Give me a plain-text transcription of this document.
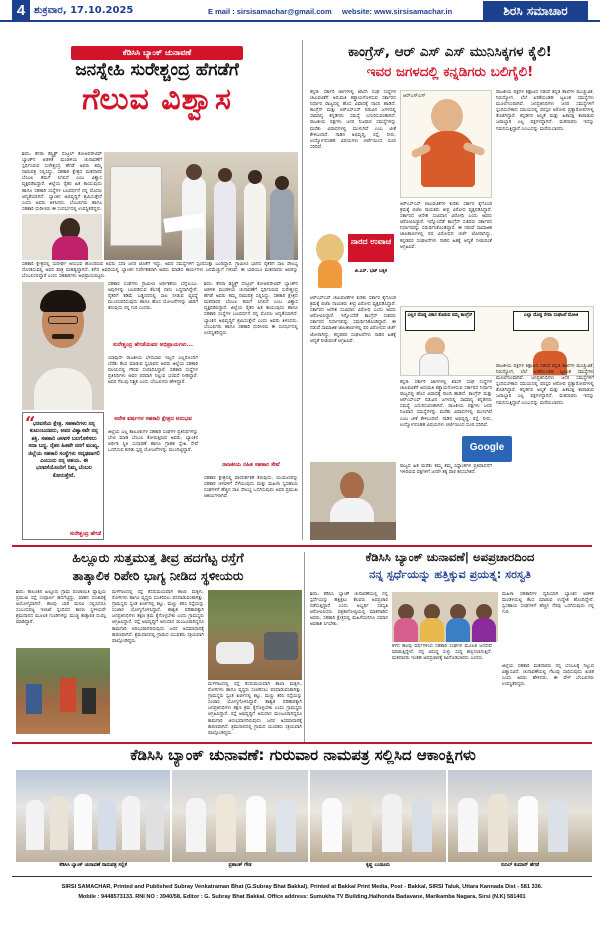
4 ಶುಕ್ರವಾರ, 17.10.2025	E mail : sirsisamachar@gmail.com website: www.sirsisamachar.in	ಶಿರಸಿ ಸಮಾಚಾರ
ಕೆಡಿಸಿಸಿ ಬ್ಯಾಂಕ್ ಚುನಾವಣೆ
ಜನಸ್ನೇಹಿ ಸುರೇಶ್ಚಂದ್ರ ಹೆಗಡೆಗೆ
ಗೆಲುವ ವಿಶ್ವಾಸ
ಶಿರಸಿ: ಕೆನರಾ ಡಿಸ್ಟ್ರಿಕ್ಟ್ ಸೆಂಟ್ರಲ್ ಕೋಆಪರೇಟಿವ್ ಬ್ಯಾಂಕ್‌ನ ಆಡಳಿತ ಮಂಡಳಿಯ ಚುನಾವಣೆಗೆ ಸ್ಪರ್ಧಿಸಿರುವ ಸುರೇಶ್ಚಂದ್ರ ಹೆಗಡೆ ಅವರು ತಮ್ಮ ನಾಮಪತ್ರ ಸಲ್ಲಿಸಿದ್ದು, ಸಹಕಾರಿ ಕ್ಷೇತ್ರದ ಮತದಾರರ ಬೆಂಬಲ ತಮಗೆ ಸಿಗಲಿದೆ ಎಂಬ ವಿಶ್ವಾಸ ವ್ಯಕ್ತಪಡಿಸಿದ್ದಾರೆ. ಜಿಲ್ಲೆಯ ರೈತರ ಹಿತ ಕಾಯುವುದು ಹಾಗೂ ಸಹಕಾರಿ ಸಂಸ್ಥೆಗಳ ಬಲವರ್ಧನೆ ನನ್ನ ಮೊದಲ ಆದ್ಯತೆಯಾಗಿದೆ. ಬ್ಯಾಂಕಿನ ಅಭಿವೃದ್ಧಿಗೆ ಶ್ರಮಿಸುತ್ತೇನೆ ಎಂದು ಅವರು ತಿಳಿಸಿದರು. ಬೆಂಬಲಿಗರು ಹಾಗೂ ಸಹಕಾರಿ ಧುರೀಣರು ಈ ಸಂದರ್ಭದಲ್ಲಿ ಉಪಸ್ಥಿತರಿದ್ದರು.
ಸಹಕಾರಿ ಕ್ಷೇತ್ರದಲ್ಲಿ ಸುದೀರ್ಘ ಅನುಭವ ಹೊಂದಿರುವ ಅವರು ಸದಾ ಜನರ ಜೊತೆಗೆ ಇದ್ದು, ಅವರ ಸಮಸ್ಯೆಗಳಿಗೆ ಸ್ಪಂದಿಸುತ್ತಾ ಬಂದಿದ್ದಾರೆ. ಗ್ರಾಮೀಣ ಭಾಗದ ರೈತರಿಗೆ ಸಾಲ ಸೌಲಭ್ಯ ದೊರಕಿಸುವಲ್ಲಿ ಅವರ ಪಾತ್ರ ಮಹತ್ವದ್ದಾಗಿದೆ. ಕಳೆದ ಅವಧಿಯಲ್ಲಿ ಬ್ಯಾಂಕಿನ ನಿರ್ದೇಶಕರಾಗಿ ಅವರು ಮಾಡಿದ ಕಾರ್ಯಗಳು ಜನಮೆಚ್ಚುಗೆ ಗಳಿಸಿವೆ. ಈ ಬಾರಿಯೂ ಮತದಾರರು ಅವರನ್ನು ಬೆಂಬಲಿಸಲಿದ್ದಾರೆ ಎಂದು ಸಹಕಾರಿಗಳು ಅಭಿಪ್ರಾಯಪಟ್ಟರು.
“
ಭರವಸೆಯ ಕ್ಷೇತ್ರ. ಸಹಕಾರಿಗಳು ನನ್ನ ಕುಟುಂಬದವರು, ಅವರ ವಿಶ್ವಾಸವೇ ನನ್ನ ಶಕ್ತಿ. ಸಹಕಾರಿ ಚಳವಳಿ ಬಲಗೊಳಿಸಲು ಸದಾ ಬದ್ಧ. ರೈತರ ಹಿತವೇ ನನಗೆ ಮುಖ್ಯ. ಜಿಲ್ಲೆಯ ಸಹಕಾರಿ ಸಂಸ್ಥೆಗಳು ಸದೃಢವಾಗಲಿ ಎಂಬುದು ನನ್ನ ಆಶಯ. ಈ ಭರವಸೆಯೊಂದಿಗೆ ನಿಮ್ಮ ಬೆಂಬಲ ಕೋರುತ್ತೇನೆ.
ಸುರೇಶ್ಚಂದ್ರ ಹೆಗಡೆ
ಸಹಕಾರ ಸಂಘಗಳು ಗ್ರಾಮೀಣ ಆರ್ಥಿಕತೆಯ ಬೆನ್ನೆಲುಬು. ಅವುಗಳನ್ನು ಬಲಪಡಿಸುವ ಕೆಲಸಕ್ಕೆ ನಾನು ಬದ್ಧನಾಗಿದ್ದೇನೆ. ರೈತರಿಗೆ ಕಡಿಮೆ ಬಡ್ಡಿದರದಲ್ಲಿ ಸಾಲ ನೀಡುವ ವ್ಯವಸ್ಥೆ ಮುಂದುವರಿಸುವುದು ಹಾಗೂ ಹೊಸ ಯೋಜನೆಗಳನ್ನು ಜಾರಿಗೆ ತರುವುದು ನನ್ನ ಗುರಿ ಎಂದರು.
ಸುರೇಶ್ಚಂದ್ರ ಹೆಗಡೆಯವರ ಅಭಿಪ್ರಾಯಗಳು...
ಯಾವುದೇ ರಾಜಕೀಯ ಭೇದಭಾವ ಇಲ್ಲದೆ ಎಲ್ಲರೊಂದಿಗೆ ಬೆರೆತು ಕೆಲಸ ಮಾಡುವ ಸ್ವಭಾವದ ಅವರು ಜಿಲ್ಲೆಯ ಸಹಕಾರಿ ವಲಯದಲ್ಲಿ ಗೌರವ ಸಂಪಾದಿಸಿದ್ದಾರೆ. ಸಹಕಾರಿ ಸಂಸ್ಥೆಗಳ ಪ್ರತಿನಿಧಿಗಳು ಅವರ ಪರವಾಗಿ ನಿಲ್ಲುವ ಭರವಸೆ ನೀಡಿದ್ದಾರೆ. ಅವರ ಗೆಲುವು ನಿಶ್ಚಿತ ಎಂದು ಬೆಂಬಲಿಗರು ಹೇಳಿದ್ದಾರೆ.
ಅನೇಕ ವರ್ಷಗಳ ಸಹಕಾರಿ ಕ್ಷೇತ್ರದ ಅನುಭವ
ಜಿಲ್ಲೆಯ ಎಲ್ಲ ತಾಲೂಕುಗಳ ಸಹಕಾರಿ ಸಂಘಗಳ ಪ್ರತಿನಿಧಿಗಳನ್ನು ಭೇಟಿ ಮಾಡಿ ಬೆಂಬಲ ಕೋರುತ್ತಿರುವ ಅವರು, ಬ್ಯಾಂಕಿನ ಆರ್ಥಿಕ ಸ್ಥಿತಿ ಸುಧಾರಣೆ ಹಾಗೂ ಗ್ರಾಹಕ ಸ್ನೇಹಿ ಸೇವೆ ಒದಗಿಸುವ ಕುರಿತು ಸ್ಪಷ್ಟ ಯೋಜನೆಗಳನ್ನು ಮುಂದಿಟ್ಟಿದ್ದಾರೆ.
ಶಿರಸಿ: ಕೆನರಾ ಡಿಸ್ಟ್ರಿಕ್ಟ್ ಸೆಂಟ್ರಲ್ ಕೋಆಪರೇಟಿವ್ ಬ್ಯಾಂಕ್‌ನ ಆಡಳಿತ ಮಂಡಳಿಯ ಚುನಾವಣೆಗೆ ಸ್ಪರ್ಧಿಸಿರುವ ಸುರೇಶ್ಚಂದ್ರ ಹೆಗಡೆ ಅವರು ತಮ್ಮ ನಾಮಪತ್ರ ಸಲ್ಲಿಸಿದ್ದು, ಸಹಕಾರಿ ಕ್ಷೇತ್ರದ ಮತದಾರರ ಬೆಂಬಲ ತಮಗೆ ಸಿಗಲಿದೆ ಎಂಬ ವಿಶ್ವಾಸ ವ್ಯಕ್ತಪಡಿಸಿದ್ದಾರೆ. ಜಿಲ್ಲೆಯ ರೈತರ ಹಿತ ಕಾಯುವುದು ಹಾಗೂ ಸಹಕಾರಿ ಸಂಸ್ಥೆಗಳ ಬಲವರ್ಧನೆ ನನ್ನ ಮೊದಲ ಆದ್ಯತೆಯಾಗಿದೆ. ಬ್ಯಾಂಕಿನ ಅಭಿವೃದ್ಧಿಗೆ ಶ್ರಮಿಸುತ್ತೇನೆ ಎಂದು ಅವರು ತಿಳಿಸಿದರು. ಬೆಂಬಲಿಗರು ಹಾಗೂ ಸಹಕಾರಿ ಧುರೀಣರು ಈ ಸಂದರ್ಭದಲ್ಲಿ ಉಪಸ್ಥಿತರಿದ್ದರು.
ರಾಜಕೀಯ ರಹಿತ ಸಹಕಾರ ಸೇವೆ
ಸಹಕಾರ ಕ್ಷೇತ್ರದಲ್ಲಿ ಪಾರದರ್ಶಕತೆ ತರುವುದು, ಯುವಜನರನ್ನು ಸಹಕಾರಿ ಚಳವಳಿಗೆ ಸೆಳೆಯುವುದು ಮತ್ತು ಮಹಿಳಾ ಸ್ವಸಹಾಯ ಸಂಘಗಳಿಗೆ ಹೆಚ್ಚಿನ ಸಾಲ ಸೌಲಭ್ಯ ಒದಗಿಸುವುದು ಅವರ ಪ್ರಮುಖ ಆಶಯಗಳಾಗಿವೆ.
ಕಾಂಗ್ರೆಸ್, ಆರ್ ಎಸ್ ಎಸ್ ಮುನಿಸಿಕ್ಕಗಳ ಕೈಲಿ!
ಇವರ ಜಗಳದಲ್ಲಿ ಕನ್ನಡಿಗರು ಬಲಿಗೈಲಿ!
ಕನ್ನಡ: ಸರ್ಕಾರಿ ಜಾಗಗಳಲ್ಲಿ ಖಾಸಗಿ ಸಂಘ ಸಂಸ್ಥೆಗಳ ಚಟುವಟಿಕೆಗೆ ಅನುಮತಿ ಕಡ್ಡಾಯಗೊಳಿಸುವ ಸರ್ಕಾರದ ನಿರ್ಧಾರ ರಾಜ್ಯದಲ್ಲಿ ಹೊಸ ವಿವಾದಕ್ಕೆ ನಾಂದಿ ಹಾಡಿದೆ. ಕಾಂಗ್ರೆಸ್ ಮತ್ತು ಆರ್‌ಎಸ್‌ಎಸ್ ನಡುವಿನ ಜಗಳದಲ್ಲಿ ಸಾಮಾನ್ಯ ಕನ್ನಡಿಗರು ಸಮಸ್ಯೆ ಎದುರಿಸುವಂತಾಗಿದೆ. ರಾಜಕೀಯ ಪಕ್ಷಗಳು ಜನರ ನಿಜವಾದ ಸಮಸ್ಯೆಗಳನ್ನು ಮರೆತು ವಿವಾದಗಳಲ್ಲಿ ಮುಳುಗಿವೆ ಎಂಬ ಟೀಕೆ ಕೇಳಿಬಂದಿದೆ. ನಾಡಿನ ಅಭಿವೃದ್ಧಿ, ರಸ್ತೆ, ನೀರು, ಉದ್ಯೋಗದಂತಹ ವಿಷಯಗಳು ಚರ್ಚೆಯಿಂದ ದೂರ ಸರಿದಿವೆ.
ಆರ್‌ಎಸ್‌ಎಸ್
ರಾಜಕೀಯ ಪಕ್ಷಗಳ ಕಿತ್ತಾಟದ ನಡುವೆ ಕನ್ನಡ ಶಾಲೆಗಳ ಮುಚ್ಚುವಿಕೆ, ನಿರುದ್ಯೋಗ, ಬೆಲೆ ಏರಿಕೆಯಂತಹ ಜ್ವಲಂತ ಸಮಸ್ಯೆಗಳು ಮೂಲೆಗುಂಪಾಗಿವೆ. ಜನಪ್ರತಿನಿಧಿಗಳು ಜನರ ಸಮಸ್ಯೆಗಳಿಗೆ ಸ್ಪಂದಿಸಬೇಕಾದ ಸಮಯದಲ್ಲಿ ಪರಸ್ಪರ ಆರೋಪ ಪ್ರತ್ಯಾರೋಪಗಳಲ್ಲಿ ತೊಡಗಿದ್ದಾರೆ. ಕನ್ನಡಿಗರ ಅಸ್ಮಿತೆ ಮತ್ತು ಹಿತಾಸಕ್ತಿ ಕಾಪಾಡುವ ಜವಾಬ್ದಾರಿ ಎಲ್ಲ ಪಕ್ಷಗಳದ್ದಾಗಿದೆ. ಮತದಾರರು ಇದನ್ನು ಗಮನಿಸುತ್ತಿದ್ದಾರೆ ಎಂಬುದನ್ನು ಮರೆಯಬಾರದು.
ನಾರದ ಉವಾಚ
ಜಿ.ಎಸ್. ಭಟ್ ಬಕ್ಕಳ
ಆರ್‌ಎಸ್‌ಎಸ್ ಚಟುವಟಿಕೆಗಳ ಕುರಿತು ಸರ್ಕಾರ ಕೈಗೊಂಡ ಕ್ರಮಕ್ಕೆ ಬಿಜೆಪಿ ನಾಯಕರು ತೀವ್ರ ವಿರೋಧ ವ್ಯಕ್ತಪಡಿಸಿದ್ದಾರೆ. ಸರ್ಕಾರದ ಆದೇಶ ಸಂವಿಧಾನ ವಿರೋಧಿ ಎಂದು ಅವರು ಆರೋಪಿಸಿದ್ದಾರೆ. ಇನ್ನೊಂದೆಡೆ ಕಾಂಗ್ರೆಸ್ ಸಚಿವರು ಸರ್ಕಾರದ ನಿರ್ಧಾರವನ್ನು ಸಮರ್ಥಿಸಿಕೊಂಡಿದ್ದಾರೆ. ಈ ನಡುವೆ ಸಾಮಾಜಿಕ ಜಾಲತಾಣಗಳಲ್ಲಿ ಪರ ವಿರೋಧದ ಚರ್ಚೆ ಜೋರಾಗಿದ್ದು, ಕನ್ನಡಪರ ಸಂಘಟನೆಗಳು ನಾಡಿನ ಹಿತಕ್ಕೆ ಆದ್ಯತೆ ನೀಡುವಂತೆ ಆಗ್ರಹಿಸಿವೆ.
ಎಲ್ಲರ ದೊಡ್ಡ ವಿಕಾಸ ಕೊಡುವ ನಮ್ಮ ಕಾಂಗ್ರೆಸ್	ಎಲ್ಲಾ ದೊಡ್ಡ ಸೇವಾ ಸಂಘಟನೆ ಮೋಜಿ
ಆರ್‌ಎಸ್‌ಎಸ್ ಚಟುವಟಿಕೆಗಳ ಕುರಿತು ಸರ್ಕಾರ ಕೈಗೊಂಡ ಕ್ರಮಕ್ಕೆ ಬಿಜೆಪಿ ನಾಯಕರು ತೀವ್ರ ವಿರೋಧ ವ್ಯಕ್ತಪಡಿಸಿದ್ದಾರೆ. ಸರ್ಕಾರದ ಆದೇಶ ಸಂವಿಧಾನ ವಿರೋಧಿ ಎಂದು ಅವರು ಆರೋಪಿಸಿದ್ದಾರೆ. ಇನ್ನೊಂದೆಡೆ ಕಾಂಗ್ರೆಸ್ ಸಚಿವರು ಸರ್ಕಾರದ ನಿರ್ಧಾರವನ್ನು ಸಮರ್ಥಿಸಿಕೊಂಡಿದ್ದಾರೆ. ಈ ನಡುವೆ ಸಾಮಾಜಿಕ ಜಾಲತಾಣಗಳಲ್ಲಿ ಪರ ವಿರೋಧದ ಚರ್ಚೆ ಜೋರಾಗಿದ್ದು, ಕನ್ನಡಪರ ಸಂಘಟನೆಗಳು ನಾಡಿನ ಹಿತಕ್ಕೆ ಆದ್ಯತೆ ನೀಡುವಂತೆ ಆಗ್ರಹಿಸಿವೆ.
ಕನ್ನಡ: ಸರ್ಕಾರಿ ಜಾಗಗಳಲ್ಲಿ ಖಾಸಗಿ ಸಂಘ ಸಂಸ್ಥೆಗಳ ಚಟುವಟಿಕೆಗೆ ಅನುಮತಿ ಕಡ್ಡಾಯಗೊಳಿಸುವ ಸರ್ಕಾರದ ನಿರ್ಧಾರ ರಾಜ್ಯದಲ್ಲಿ ಹೊಸ ವಿವಾದಕ್ಕೆ ನಾಂದಿ ಹಾಡಿದೆ. ಕಾಂಗ್ರೆಸ್ ಮತ್ತು ಆರ್‌ಎಸ್‌ಎಸ್ ನಡುವಿನ ಜಗಳದಲ್ಲಿ ಸಾಮಾನ್ಯ ಕನ್ನಡಿಗರು ಸಮಸ್ಯೆ ಎದುರಿಸುವಂತಾಗಿದೆ. ರಾಜಕೀಯ ಪಕ್ಷಗಳು ಜನರ ನಿಜವಾದ ಸಮಸ್ಯೆಗಳನ್ನು ಮರೆತು ವಿವಾದಗಳಲ್ಲಿ ಮುಳುಗಿವೆ ಎಂಬ ಟೀಕೆ ಕೇಳಿಬಂದಿದೆ. ನಾಡಿನ ಅಭಿವೃದ್ಧಿ, ರಸ್ತೆ, ನೀರು, ಉದ್ಯೋಗದಂತಹ ವಿಷಯಗಳು ಚರ್ಚೆಯಿಂದ ದೂರ ಸರಿದಿವೆ.
Google
ರಾಜಕೀಯ ಪಕ್ಷಗಳ ಕಿತ್ತಾಟದ ನಡುವೆ ಕನ್ನಡ ಶಾಲೆಗಳ ಮುಚ್ಚುವಿಕೆ, ನಿರುದ್ಯೋಗ, ಬೆಲೆ ಏರಿಕೆಯಂತಹ ಜ್ವಲಂತ ಸಮಸ್ಯೆಗಳು ಮೂಲೆಗುಂಪಾಗಿವೆ. ಜನಪ್ರತಿನಿಧಿಗಳು ಜನರ ಸಮಸ್ಯೆಗಳಿಗೆ ಸ್ಪಂದಿಸಬೇಕಾದ ಸಮಯದಲ್ಲಿ ಪರಸ್ಪರ ಆರೋಪ ಪ್ರತ್ಯಾರೋಪಗಳಲ್ಲಿ ತೊಡಗಿದ್ದಾರೆ. ಕನ್ನಡಿಗರ ಅಸ್ಮಿತೆ ಮತ್ತು ಹಿತಾಸಕ್ತಿ ಕಾಪಾಡುವ ಜವಾಬ್ದಾರಿ ಎಲ್ಲ ಪಕ್ಷಗಳದ್ದಾಗಿದೆ. ಮತದಾರರು ಇದನ್ನು ಗಮನಿಸುತ್ತಿದ್ದಾರೆ ಎಂಬುದನ್ನು ಮರೆಯಬಾರದು.
ರಾಜ್ಯದ ಹಿತ ಮರೆತು ತಮ್ಮ ತಮ್ಮ ಸಿದ್ಧಾಂತಗಳ ಪ್ರತಿಪಾದನೆಗೆ ಇಳಿದಿರುವ ಪಕ್ಷಗಳಿಗೆ ಜನರೇ ತಕ್ಕ ಪಾಠ ಕಲಿಸಬೇಕಿದೆ.
ಹಿಲ್ಲೂರು ಸುತ್ತಮುತ್ತ ತೀವ್ರ ಹದಗೆಟ್ಟ ರಸ್ತೆಗೆ
ತಾತ್ಕಾಲಿಕ ರಿಪೇರಿ ಭಾಗ್ಯ ನೀಡಿದ ಸ್ಥಳೀಯರು
ಶಿರಸಿ: ತಾಲೂಕಿನ ಹಿಲ್ಲೂರು ಗ್ರಾಮ ಪಂಚಾಯಿತಿ ವ್ಯಾಪ್ತಿಯ ಪ್ರಮುಖ ರಸ್ತೆ ಸಂಪೂರ್ಣ ಹದಗೆಟ್ಟಿದ್ದು, ವಾಹನ ಸಂಚಾರಕ್ಕೆ ಅಯೋಗ್ಯವಾಗಿದೆ. ಹಲವು ಬಾರಿ ಮನವಿ ಸಲ್ಲಿಸಿದರೂ ಸಂಬಂಧಪಟ್ಟ ಇಲಾಖೆ ಸ್ಪಂದಿಸದ ಕಾರಣ ಸ್ಥಳೀಯರೇ ಶ್ರಮದಾನದ ಮೂಲಕ ಗುಂಡಿಗಳನ್ನು ಮುಚ್ಚಿ ತಾತ್ಕಾಲಿಕ ದುರಸ್ತಿ ಮಾಡಿದ್ದಾರೆ.
ಮಳೆಗಾಲದಲ್ಲಿ ರಸ್ತೆ ಕೆಸರುಮಯವಾಗಿ ಶಾಲಾ ಮಕ್ಕಳು, ರೋಗಿಗಳು ಹಾಗೂ ವೃದ್ಧರು ಸಂಚರಿಸಲು ಪರದಾಡುವಂತಾಗಿತ್ತು. ಗ್ರಾಮಸ್ಥರು ಸ್ವಂತ ಖರ್ಚಿನಲ್ಲಿ ಕಲ್ಲು, ಮಣ್ಣು ತರಿಸಿ ರಸ್ತೆಯನ್ನು ಸಂಚಾರ ಯೋಗ್ಯಗೊಳಿಸಿದ್ದಾರೆ. ಶಾಶ್ವತ ಪರಿಹಾರಕ್ಕಾಗಿ ಜನಪ್ರತಿನಿಧಿಗಳು ತಕ್ಷಣ ಕ್ರಮ ಕೈಗೊಳ್ಳಬೇಕು ಎಂದು ಗ್ರಾಮಸ್ಥರು ಆಗ್ರಹಿಸಿದ್ದಾರೆ. ರಸ್ತೆ ಅಭಿವೃದ್ಧಿಗೆ ಅನುದಾನ ಮಂಜೂರಾಗಿದ್ದರೂ ಕಾಮಗಾರಿ ಆರಂಭವಾಗದಿರುವುದು ಜನರ ಅಸಮಾಧಾನಕ್ಕೆ ಕಾರಣವಾಗಿದೆ. ಶ್ರಮದಾನದಲ್ಲಿ ಗ್ರಾಮದ ಯುವಕರು ಸಕ್ರಿಯವಾಗಿ ಪಾಲ್ಗೊಂಡಿದ್ದರು.
ಮಳೆಗಾಲದಲ್ಲಿ ರಸ್ತೆ ಕೆಸರುಮಯವಾಗಿ ಶಾಲಾ ಮಕ್ಕಳು, ರೋಗಿಗಳು ಹಾಗೂ ವೃದ್ಧರು ಸಂಚರಿಸಲು ಪರದಾಡುವಂತಾಗಿತ್ತು. ಗ್ರಾಮಸ್ಥರು ಸ್ವಂತ ಖರ್ಚಿನಲ್ಲಿ ಕಲ್ಲು, ಮಣ್ಣು ತರಿಸಿ ರಸ್ತೆಯನ್ನು ಸಂಚಾರ ಯೋಗ್ಯಗೊಳಿಸಿದ್ದಾರೆ. ಶಾಶ್ವತ ಪರಿಹಾರಕ್ಕಾಗಿ ಜನಪ್ರತಿನಿಧಿಗಳು ತಕ್ಷಣ ಕ್ರಮ ಕೈಗೊಳ್ಳಬೇಕು ಎಂದು ಗ್ರಾಮಸ್ಥರು ಆಗ್ರಹಿಸಿದ್ದಾರೆ. ರಸ್ತೆ ಅಭಿವೃದ್ಧಿಗೆ ಅನುದಾನ ಮಂಜೂರಾಗಿದ್ದರೂ ಕಾಮಗಾರಿ ಆರಂಭವಾಗದಿರುವುದು ಜನರ ಅಸಮಾಧಾನಕ್ಕೆ ಕಾರಣವಾಗಿದೆ. ಶ್ರಮದಾನದಲ್ಲಿ ಗ್ರಾಮದ ಯುವಕರು ಸಕ್ರಿಯವಾಗಿ ಪಾಲ್ಗೊಂಡಿದ್ದರು.
ಕೆಡಿಸಿಸಿ ಬ್ಯಾಂಕ್ ಚುನಾವಣೆ| ಅಪಪ್ರಚಾರದಿಂದ
ನನ್ನ ಸ್ಪರ್ಧೆಯನ್ನು ಹತ್ತಿಕ್ಕುವ ಪ್ರಯತ್ನ: ಸರಸ್ವತಿ
ಶಿರಸಿ: ಕೆಡಿಸಿಸಿ ಬ್ಯಾಂಕ್ ಚುನಾವಣೆಯಲ್ಲಿ ನನ್ನ ಸ್ಪರ್ಧೆಯನ್ನು ಹತ್ತಿಕ್ಕಲು ಕೆಲವರು ಅಪಪ್ರಚಾರ ನಡೆಸುತ್ತಿದ್ದಾರೆ ಎಂದು ಅಭ್ಯರ್ಥಿ ಸರಸ್ವತಿ ಆರೋಪಿಸಿದರು. ಪತ್ರಿಕಾಗೋಷ್ಠಿಯಲ್ಲಿ ಮಾತನಾಡಿದ ಅವರು, ಸಹಕಾರಿ ಕ್ಷೇತ್ರದಲ್ಲಿ ಮಹಿಳೆಯರಿಗೂ ಸಮಾನ ಅವಕಾಶ ಸಿಗಬೇಕು.
ಕಳೆದ ಹಲವು ವರ್ಷಗಳಿಂದ ಸಹಕಾರಿ ಸಂಘಗಳ ಮೂಲಕ ಜನಸೇವೆ ಮಾಡುತ್ತಿದ್ದೇನೆ. ನನ್ನ ವಿರುದ್ಧ ಸುಳ್ಳು ಸುದ್ದಿ ಹಬ್ಬಿಸಲಾಗುತ್ತಿದೆ. ಮತದಾರರು ಇಂತಹ ಅಪಪ್ರಚಾರಕ್ಕೆ ಕಿವಿಗೊಡಬಾರದು ಎಂದರು.
ಮಹಿಳಾ ಸಹಕಾರಿಗಳ ಧ್ವನಿಯಾಗಿ ಬ್ಯಾಂಕಿನ ಆಡಳಿತ ಮಂಡಳಿಯಲ್ಲಿ ಕೆಲಸ ಮಾಡುವ ಉದ್ದೇಶ ಹೊಂದಿದ್ದೇನೆ. ಸ್ವಸಹಾಯ ಸಂಘಗಳಿಗೆ ಹೆಚ್ಚಿನ ನೆರವು ಒದಗಿಸುವುದು ನನ್ನ ಗುರಿ.
ಜಿಲ್ಲೆಯ ಸಹಕಾರಿ ಮತದಾರರು ನನ್ನ ಬೆಂಬಲಕ್ಕೆ ನಿಲ್ಲುವ ವಿಶ್ವಾಸವಿದೆ. ಚುನಾವಣೆಯಲ್ಲಿ ಗೆಲುವು ಸಾಧಿಸುವುದು ಖಚಿತ ಎಂದು ಅವರು ಹೇಳಿದರು. ಈ ವೇಳೆ ಬೆಂಬಲಿಗರು ಉಪಸ್ಥಿತರಿದ್ದರು.
ಕೆಡಿಸಿಸಿ ಬ್ಯಾಂಕ್ ಚುನಾವಣೆ: ಗುರುವಾರ ನಾಮಪತ್ರ ಸಲ್ಲಿಸಿದ ಆಕಾಂಕ್ಷಿಗಳು
ಕೆಡಿಸಿಸಿ ಬ್ಯಾಂಕ್ ಚುನಾವಣೆ ನಾಮಪತ್ರ ಸಲ್ಲಿಕೆ	ಪ್ರಶಾಂತ್ ಗೌಡ	ಕೃಷ್ಣ ಬಂಡೂರು	ಸುನಿಲ್ ಕುಮಾರ್ ಹೆಗಡೆ
SIRSI SAMACHAR, Printed and Published Subray Venkatraman Bhat (G.Subray Bhat Bakkal), Printed at Bakkal Print Media, Post - Bakkal, SIRSI Taluk, Uttara Kannada Dist - 581 336.
Mobile : 9448573133. RNI NO : 3940/58, Editor : G. Subray Bhat Bakkal. Office address: Sumukha TV Building,Halhonda Badavane, Marikamba Nagara, Sirsi (N.K) 581401
